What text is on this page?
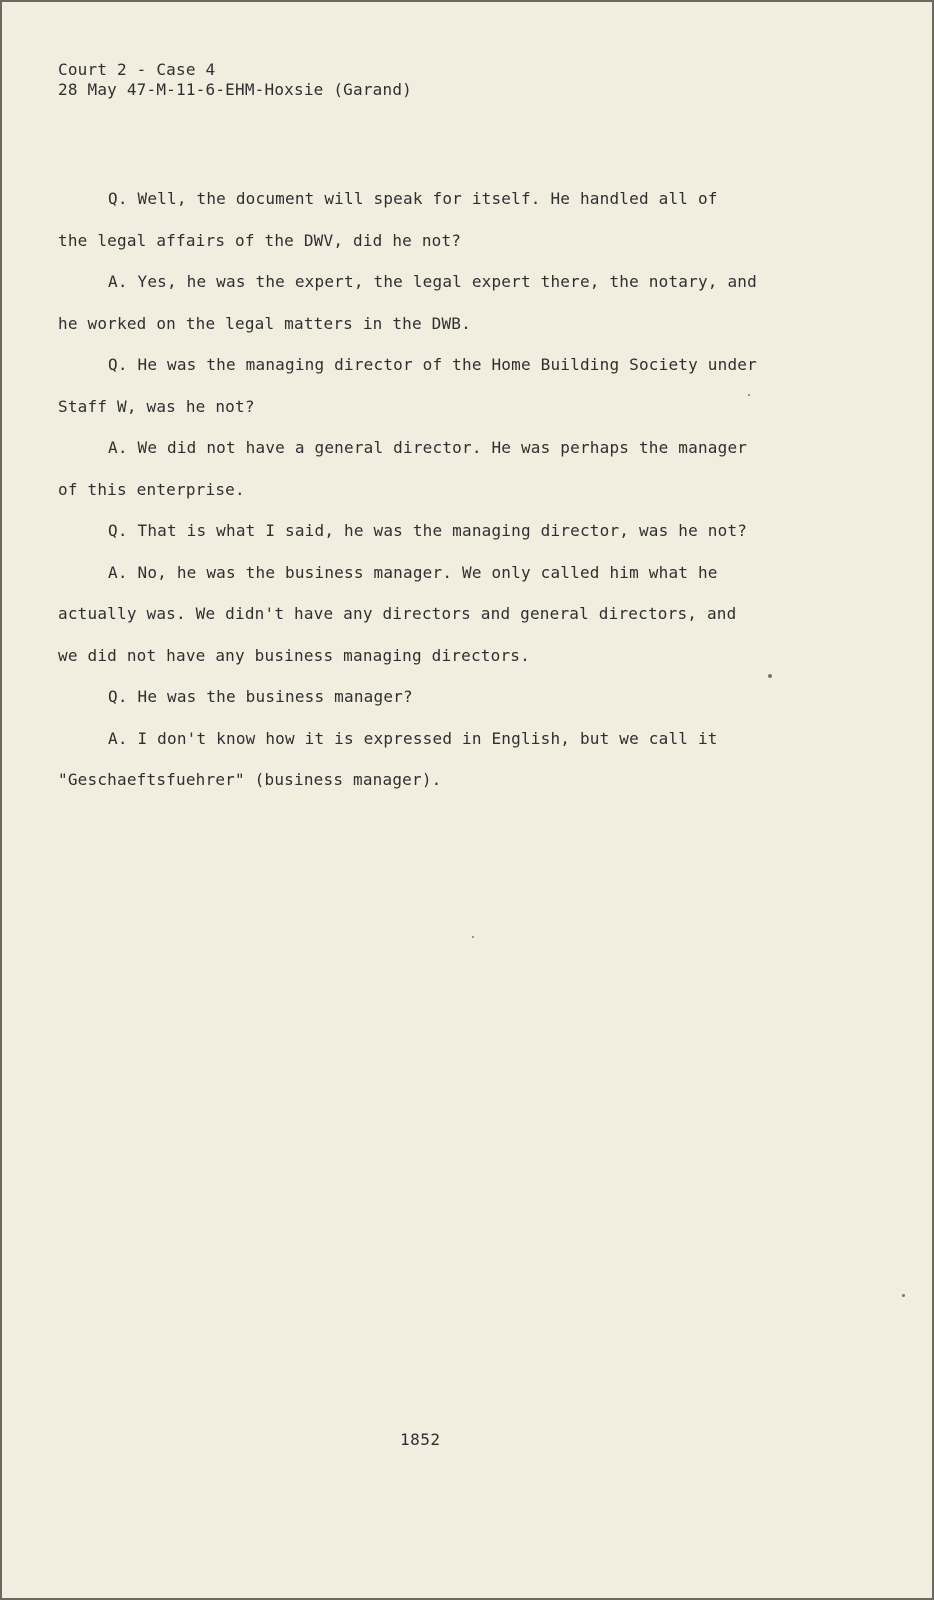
Court 2 - Case 4
28 May 47-M-11-6-EHM-Hoxsie (Garand)
Q. Well, the document will speak for itself. He handled all of
the legal affairs of the DWV, did he not?
A. Yes, he was the expert, the legal expert there, the notary, and
he worked on the legal matters in the DWB.
Q. He was the managing director of the Home Building Society under
Staff W, was he not?
A. We did not have a general director. He was perhaps the manager
of this enterprise.
Q. That is what I said, he was the managing director, was he not?
A. No, he was the business manager. We only called him what he
actually was. We didn't have any directors and general directors, and
we did not have any business managing directors.
Q. He was the business manager?
A. I don't know how it is expressed in English, but we call it
"Geschaeftsfuehrer" (business manager).
1852
